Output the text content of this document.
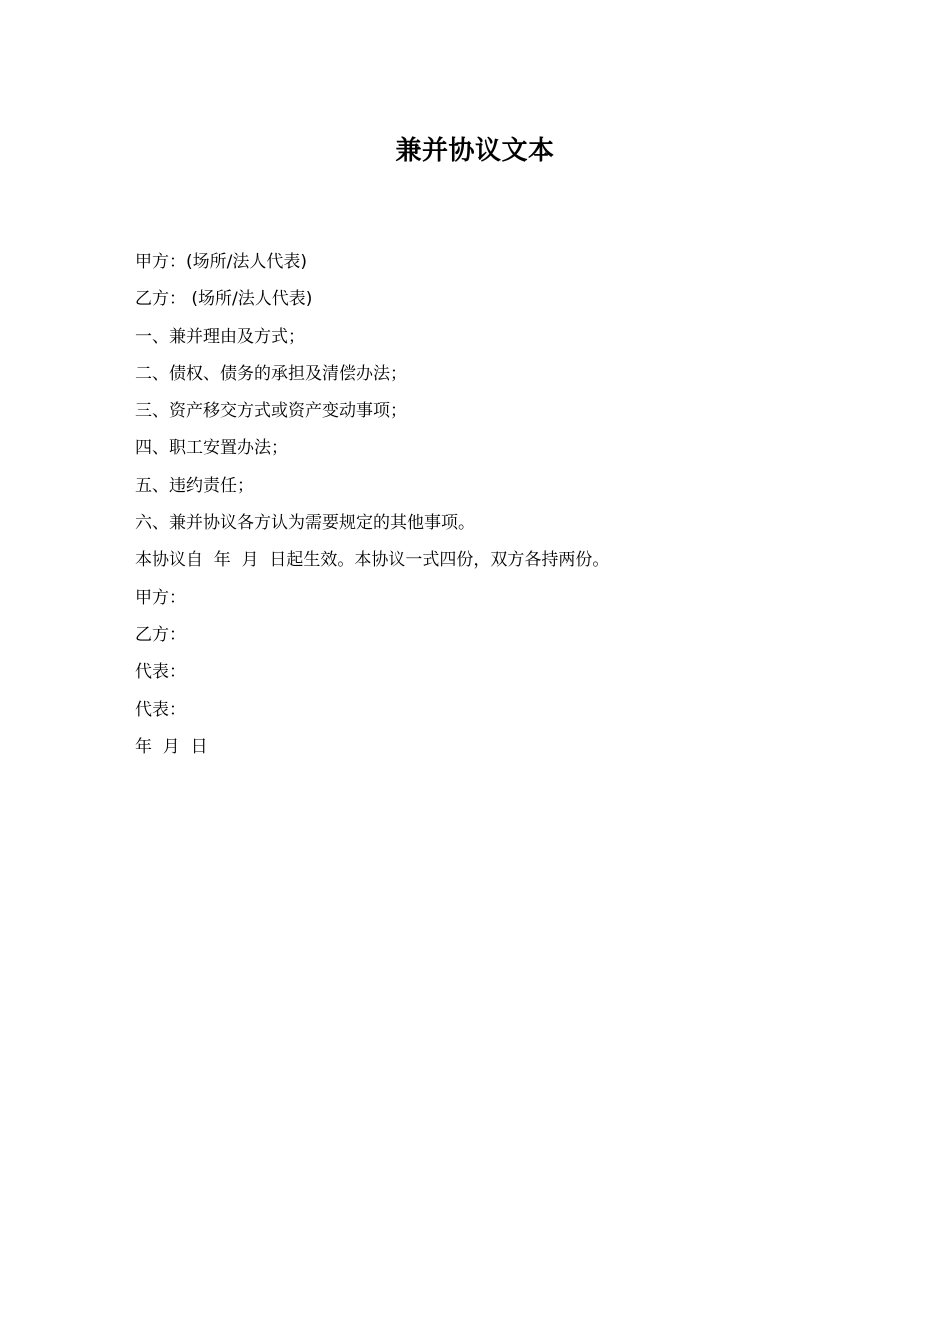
兼并协议文本
甲方：(场所/法人代表)
乙方： (场所/法人代表)
一、兼并理由及方式；
二、债权、债务的承担及清偿办法；
三、资产移交方式或资产变动事项；
四、职工安置办法；
五、违约责任；
六、兼并协议各方认为需要规定的其他事项。
本协议自  年  月  日起生效。本协议一式四份，双方各持两份。
甲方：
乙方：
代表：
代表：
年  月  日
